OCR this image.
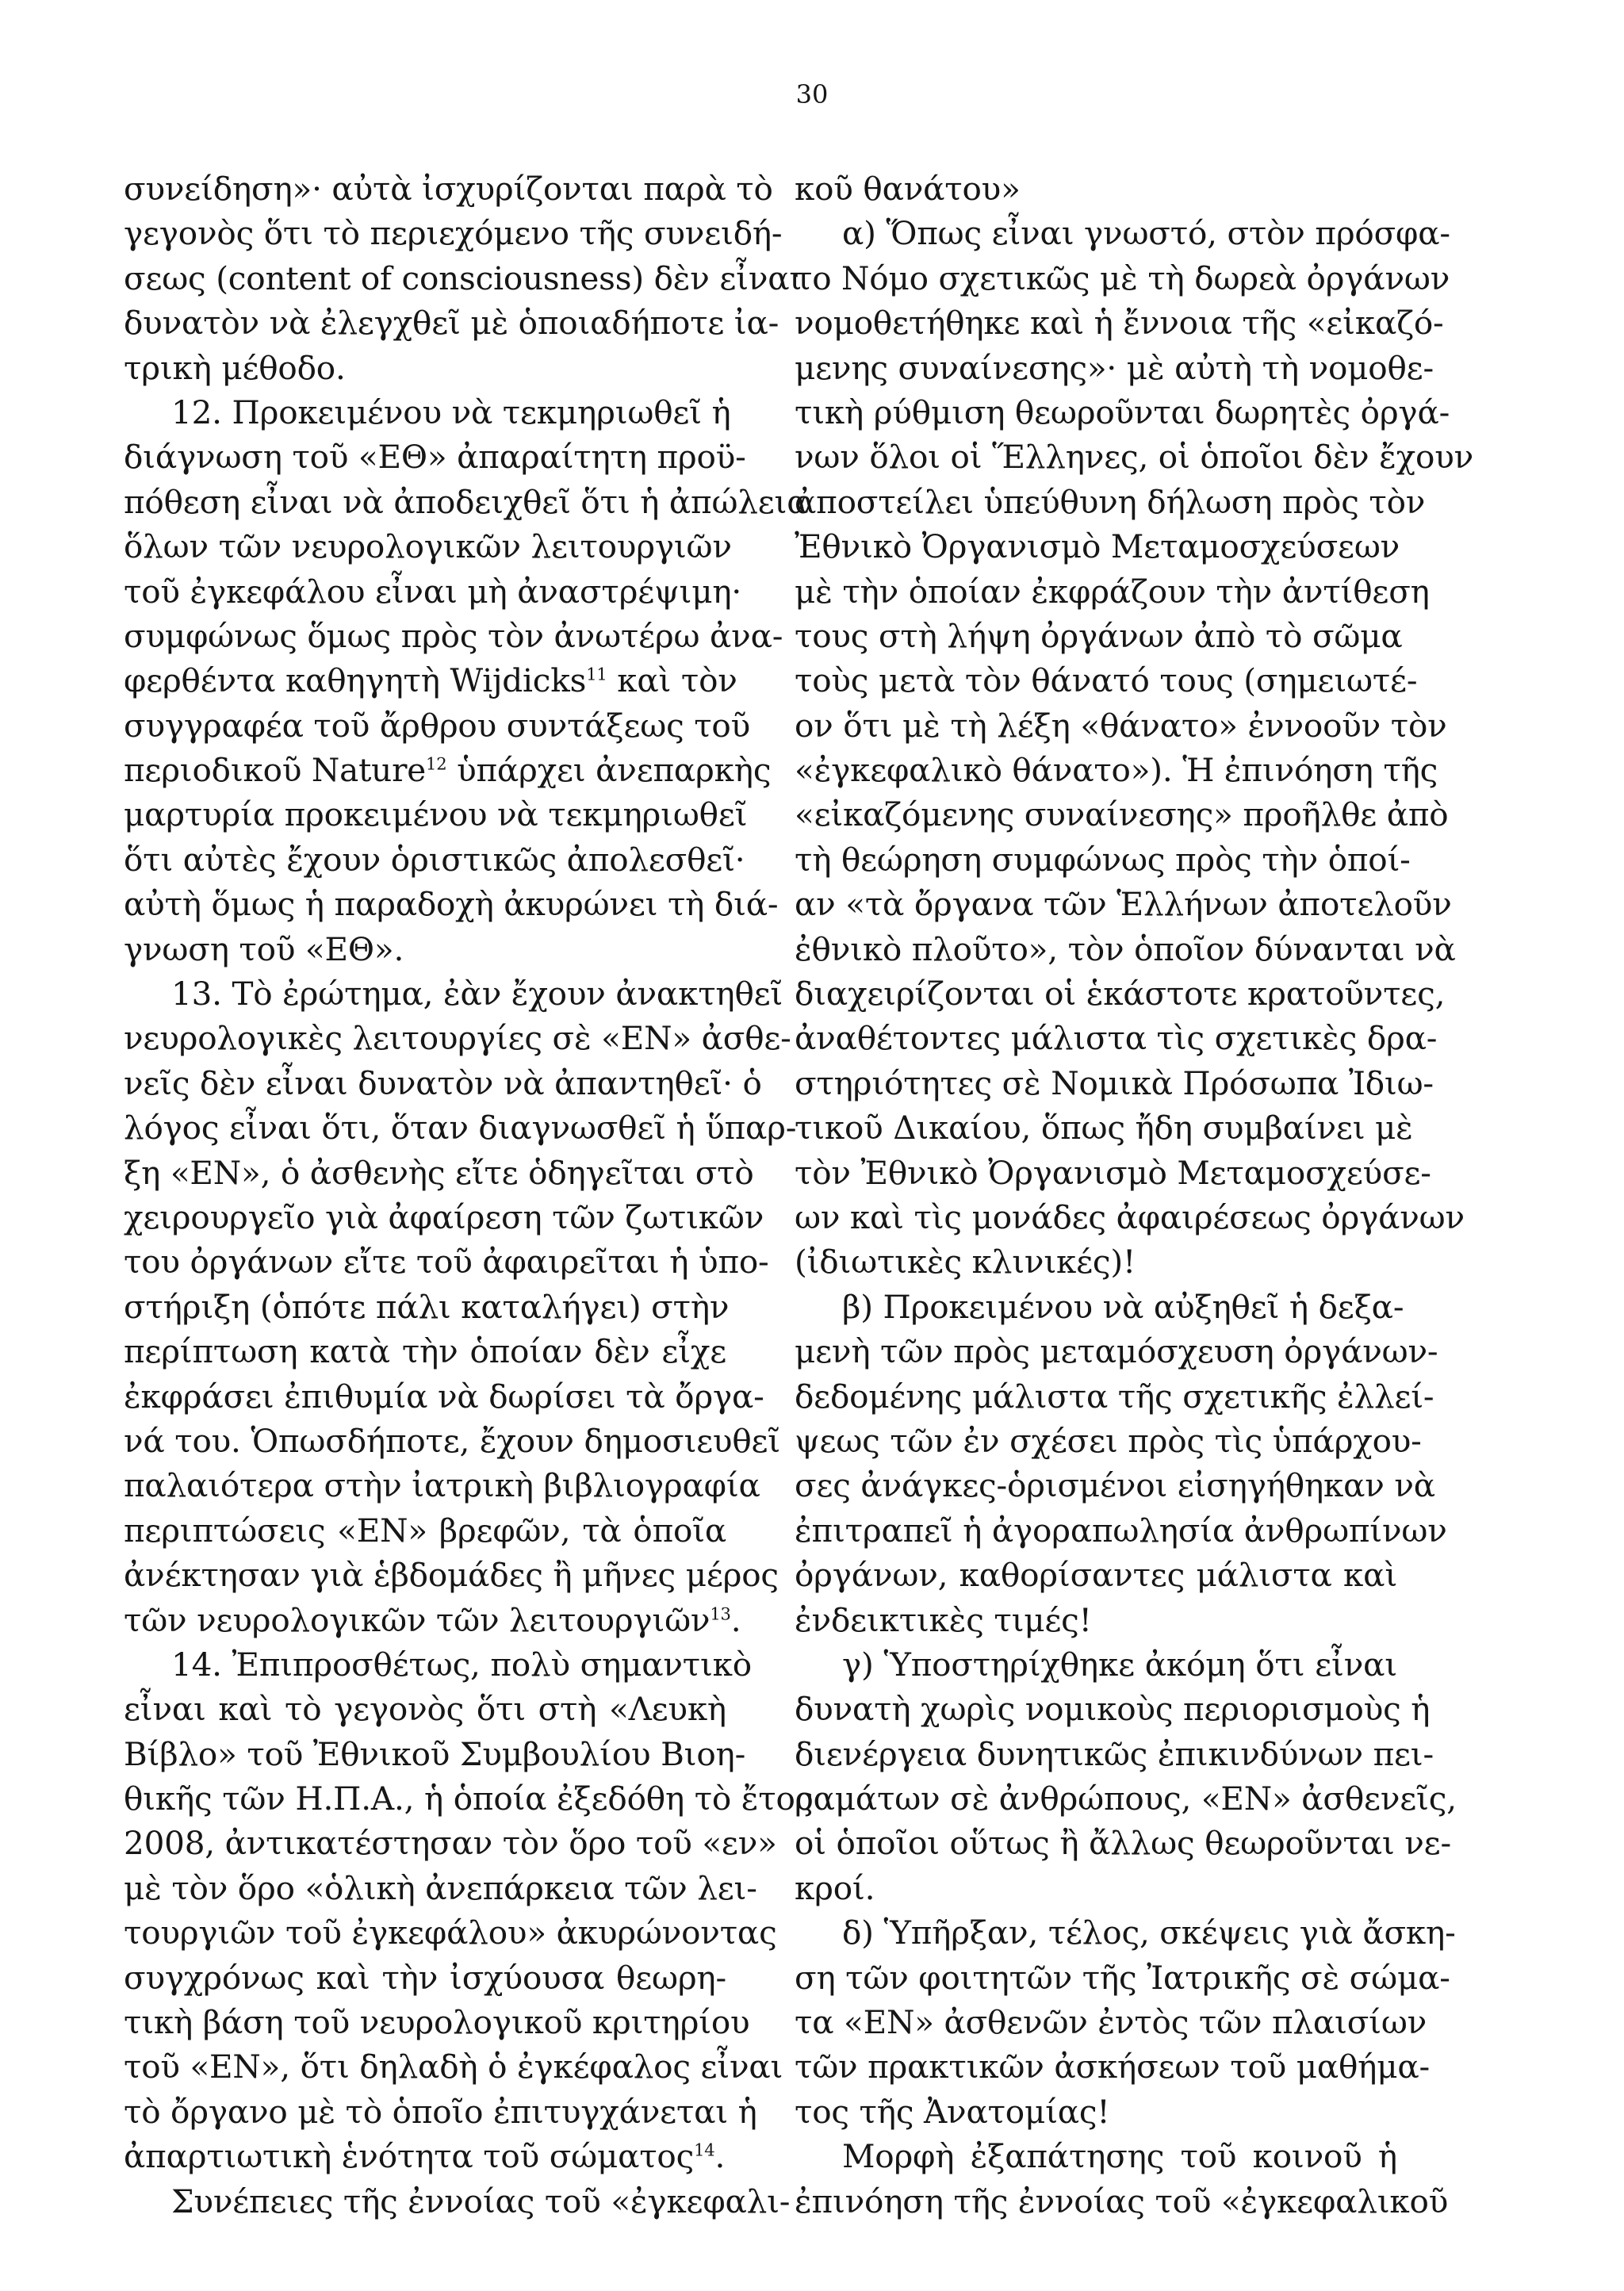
30
συνείδηση»· αὐτὰ ἰσχυρίζονται παρὰ τὸ
γεγονὸς ὅτι τὸ περιεχόμενο τῆς συνειδή-
σεως (content of consciousness) δὲν εἶναι
δυνατὸν νὰ ἐλεγχθεῖ μὲ ὁποιαδήποτε ἰα-
τρικὴ μέθοδο.
12. Προκειμένου νὰ τεκμηριωθεῖ ἡ
διάγνωση τοῦ «ΕΘ» ἀπαραίτητη προϋ-
πόθεση εἶναι νὰ ἀποδειχθεῖ ὅτι ἡ ἀπώλεια
ὅλων τῶν νευρολογικῶν λειτουργιῶν
τοῦ ἐγκεφάλου εἶναι μὴ ἀναστρέψιμη·
συμφώνως ὅμως πρὸς τὸν ἀνωτέρω ἀνα-
φερθέντα καθηγητὴ Wijdicks$^{11}$ καὶ τὸν
συγγραφέα τοῦ ἄρθρου συντάξεως τοῦ
περιοδικοῦ Nature$^{12}$ ὑπάρχει ἀνεπαρκὴς
μαρτυρία προκειμένου νὰ τεκμηριωθεῖ
ὅτι αὐτὲς ἔχουν ὁριστικῶς ἀπολεσθεῖ·
αὐτὴ ὅμως ἡ παραδοχὴ ἀκυρώνει τὴ διά-
γνωση τοῦ «ΕΘ».
13. Τὸ ἐρώτημα, ἐὰν ἔχουν ἀνακτηθεῖ
νευρολογικὲς λειτουργίες σὲ «ΕΝ» ἀσθε-
νεῖς δὲν εἶναι δυνατὸν νὰ ἀπαντηθεῖ· ὁ
λόγος εἶναι ὅτι, ὅταν διαγνωσθεῖ ἡ ὕπαρ-
ξη «ΕΝ», ὁ ἀσθενὴς εἴτε ὁδηγεῖται στὸ
χειρουργεῖο γιὰ ἀφαίρεση τῶν ζωτικῶν
του ὀργάνων εἴτε τοῦ ἀφαιρεῖται ἡ ὑπο-
στήριξη (ὁπότε πάλι καταλήγει) στὴν
περίπτωση κατὰ τὴν ὁποίαν δὲν εἶχε
ἐκφράσει ἐπιθυμία νὰ δωρίσει τὰ ὄργα-
νά του. Ὁπωσδήποτε, ἔχουν δημοσιευθεῖ
παλαιότερα στὴν ἰατρικὴ βιβλιογραφία
περιπτώσεις «ΕΝ» βρεφῶν, τὰ ὁποῖα
ἀνέκτησαν γιὰ ἑβδομάδες ἢ μῆνες μέρος
τῶν νευρολογικῶν τῶν λειτουργιῶν$^{13}$.
14. Ἐπιπροσθέτως, πολὺ σημαντικὸ
εἶναι καὶ τὸ γεγονὸς ὅτι στὴ «Λευκὴ
Βίβλο» τοῦ Ἐθνικοῦ Συμβουλίου Βιοη-
θικῆς τῶν Η.Π.Α., ἡ ὁποία ἐξεδόθη τὸ ἔτος
2008, ἀντικατέστησαν τὸν ὅρο τοῦ «εν»
μὲ τὸν ὅρο «ὁλικὴ ἀνεπάρκεια τῶν λει-
τουργιῶν τοῦ ἐγκεφάλου» ἀκυρώνοντας
συγχρόνως καὶ τὴν ἰσχύουσα θεωρη-
τικὴ βάση τοῦ νευρολογικοῦ κριτηρίου
τοῦ «ΕΝ», ὅτι δηλαδὴ ὁ ἐγκέφαλος εἶναι
τὸ ὄργανο μὲ τὸ ὁποῖο ἐπιτυγχάνεται ἡ
ἀπαρτιωτικὴ ἑνότητα τοῦ σώματος$^{14}$.
Συνέπειες τῆς ἐννοίας τοῦ «ἐγκεφαλι-
κοῦ θανάτου»
α) Ὅπως εἶναι γνωστό, στὸν πρόσφα-
το Νόμο σχετικῶς μὲ τὴ δωρεὰ ὀργάνων
νομοθετήθηκε καὶ ἡ ἔννοια τῆς «εἰκαζό-
μενης συναίνεσης»· μὲ αὐτὴ τὴ νομοθε-
τικὴ ρύθμιση θεωροῦνται δωρητὲς ὀργά-
νων ὅλοι οἱ Ἕλληνες, οἱ ὁποῖοι δὲν ἔχουν
ἀποστείλει ὑπεύθυνη δήλωση πρὸς τὸν
Ἐθνικὸ Ὀργανισμὸ Μεταμοσχεύσεων
μὲ τὴν ὁποίαν ἐκφράζουν τὴν ἀντίθεση
τους στὴ λήψη ὀργάνων ἀπὸ τὸ σῶμα
τοὺς μετὰ τὸν θάνατό τους (σημειωτέ-
ον ὅτι μὲ τὴ λέξη «θάνατο» ἐννοοῦν τὸν
«ἐγκεφαλικὸ θάνατο»). Ἡ ἐπινόηση τῆς
«εἰκαζόμενης συναίνεσης» προῆλθε ἀπὸ
τὴ θεώρηση συμφώνως πρὸς τὴν ὁποί-
αν «τὰ ὄργανα τῶν Ἑλλήνων ἀποτελοῦν
ἐθνικὸ πλοῦτο», τὸν ὁποῖον δύνανται νὰ
διαχειρίζονται οἱ ἑκάστοτε κρατοῦντες,
ἀναθέτοντες μάλιστα τὶς σχετικὲς δρα-
στηριότητες σὲ Νομικὰ Πρόσωπα Ἰδιω-
τικοῦ Δικαίου, ὅπως ἤδη συμβαίνει μὲ
τὸν Ἐθνικὸ Ὀργανισμὸ Μεταμοσχεύσε-
ων καὶ τὶς μονάδες ἀφαιρέσεως ὀργάνων
(ἰδιωτικὲς κλινικές)!
β) Προκειμένου νὰ αὐξηθεῖ ἡ δεξα-
μενὴ τῶν πρὸς μεταμόσχευση ὀργάνων-
δεδομένης μάλιστα τῆς σχετικῆς ἐλλεί-
ψεως τῶν ἐν σχέσει πρὸς τὶς ὑπάρχου-
σες ἀνάγκες-ὁρισμένοι εἰσηγήθηκαν νὰ
ἐπιτραπεῖ ἡ ἀγοραπωλησία ἀνθρωπίνων
ὀργάνων, καθορίσαντες μάλιστα καὶ
ἐνδεικτικὲς τιμές!
γ) Ὑποστηρίχθηκε ἀκόμη ὅτι εἶναι
δυνατὴ χωρὶς νομικοὺς περιορισμοὺς ἡ
διενέργεια δυνητικῶς ἐπικινδύνων πει-
ραμάτων σὲ ἀνθρώπους, «ΕΝ» ἀσθενεῖς,
οἱ ὁποῖοι οὕτως ἢ ἄλλως θεωροῦνται νε-
κροί.
δ) Ὑπῆρξαν, τέλος, σκέψεις γιὰ ἄσκη-
ση τῶν φοιτητῶν τῆς Ἰατρικῆς σὲ σώμα-
τα «ΕΝ» ἀσθενῶν ἐντὸς τῶν πλαισίων
τῶν πρακτικῶν ἀσκήσεων τοῦ μαθήμα-
τος τῆς Ἀνατομίας!
Μορφὴ ἐξαπάτησης τοῦ κοινοῦ ἡ
ἐπινόηση τῆς ἐννοίας τοῦ «ἐγκεφαλικοῦ
